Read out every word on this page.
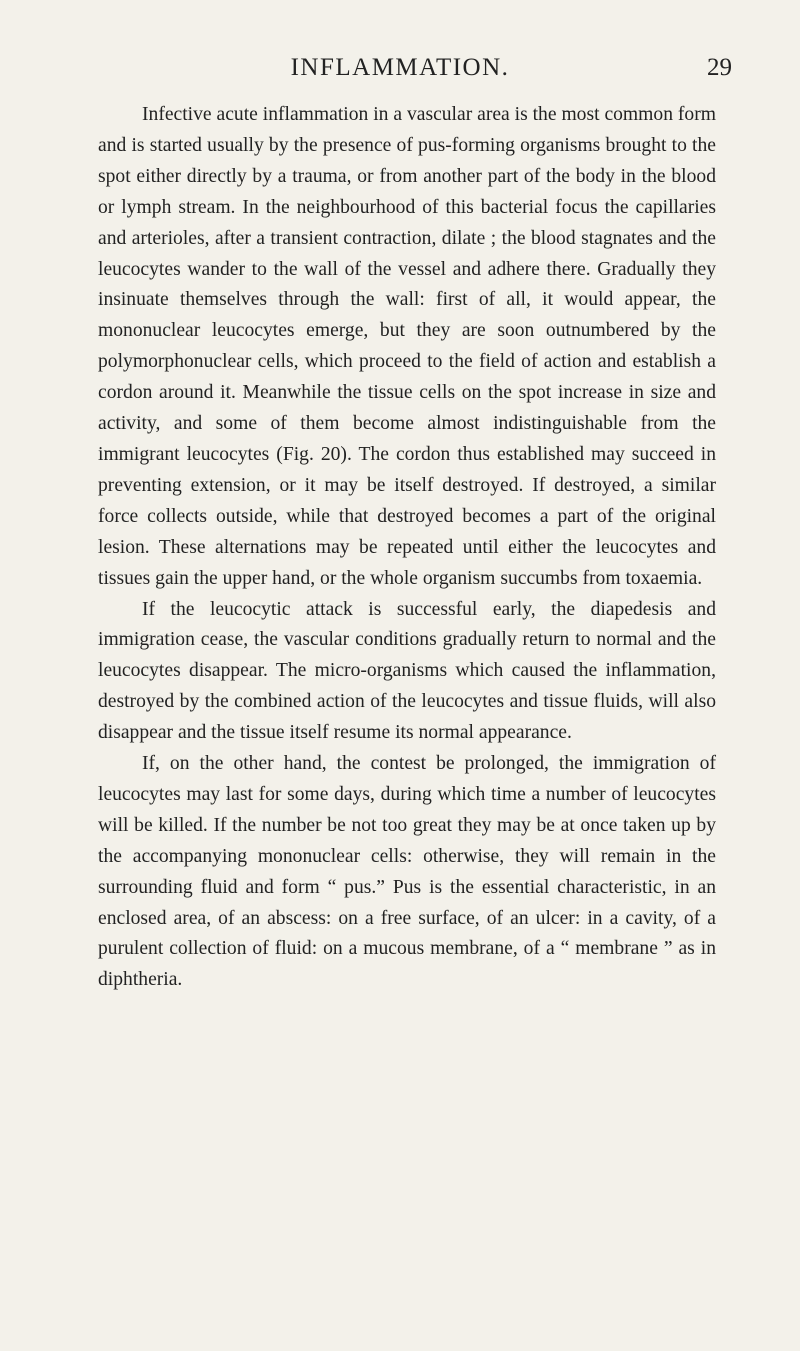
INFLAMMATION.	29

Infective acute inflammation in a vascular area is the most common form and is started usually by the presence of pus-forming organisms brought to the spot either directly by a trauma, or from another part of the body in the blood or lymph stream. In the neighbourhood of this bacterial focus the capillaries and arterioles, after a transient contraction, dilate ; the blood stagnates and the leucocytes wander to the wall of the vessel and adhere there. Gradually they insinuate themselves through the wall: first of all, it would appear, the mononuclear leucocytes emerge, but they are soon outnumbered by the polymorphonuclear cells, which proceed to the field of action and establish a cordon around it. Meanwhile the tissue cells on the spot increase in size and activity, and some of them become almost indistinguishable from the immigrant leucocytes (Fig. 20). The cordon thus established may succeed in preventing extension, or it may be itself destroyed. If destroyed, a similar force collects outside, while that destroyed becomes a part of the original lesion. These alternations may be repeated until either the leucocytes and tissues gain the upper hand, or the whole organism succumbs from toxaemia.

If the leucocytic attack is successful early, the diapedesis and immigration cease, the vascular conditions gradually return to normal and the leucocytes disappear. The micro-organisms which caused the inflammation, destroyed by the combined action of the leucocytes and tissue fluids, will also disappear and the tissue itself resume its normal appearance.

If, on the other hand, the contest be prolonged, the immigration of leucocytes may last for some days, during which time a number of leucocytes will be killed. If the number be not too great they may be at once taken up by the accompanying mononuclear cells: otherwise, they will remain in the surrounding fluid and form “ pus.” Pus is the essential characteristic, in an enclosed area, of an abscess: on a free surface, of an ulcer: in a cavity, of a purulent collection of fluid: on a mucous membrane, of a “ membrane ” as in diphtheria.
